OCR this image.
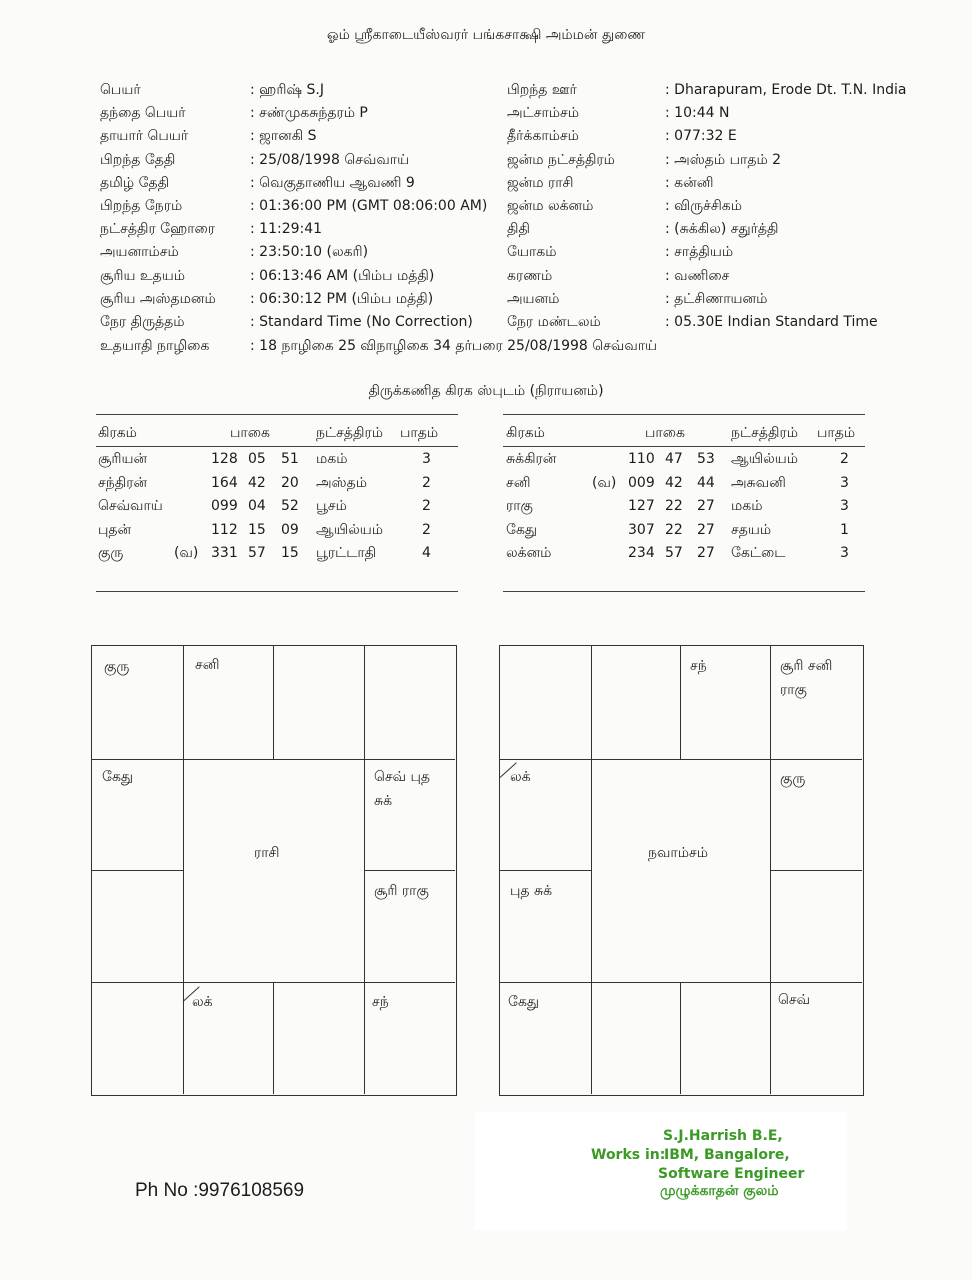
ஓம் ஸ்ரீகாடையீஸ்வரர் பங்கசாக்ஷி அம்மன் துணை
பெயர்	: ஹரிஷ் S.J
தந்தை பெயர்	: சண்முகசுந்தரம் P
தாயார் பெயர்	: ஜானகி S
பிறந்த தேதி	: 25/08/1998 செவ்வாய்
தமிழ் தேதி	: வெகுதாணிய ஆவணி 9
பிறந்த நேரம்	: 01:36:00 PM (GMT 08:06:00 AM)
நட்சத்திர ஹோரை : 11:29:41
அயனாம்சம்	: 23:50:10 (லகரி)
சூரிய உதயம்	: 06:13:46 AM (பிம்ப மத்தி)
சூரிய அஸ்தமனம் : 06:30:12 PM (பிம்ப மத்தி)
நேர திருத்தம்	: Standard Time (No Correction)
பிறந்த ஊர்	: Dharapuram, Erode Dt. T.N. India
அட்சாம்சம்	: 10:44 N
தீர்க்காம்சம்	: 077:32 E
ஜன்ம நட்சத்திரம்	: அஸ்தம் பாதம் 2
ஜன்ம ராசி	: கன்னி
ஜன்ம லக்னம்	: விருச்சிகம்
திதி	: (சுக்கில) சதுர்த்தி
யோகம்	: சாத்தியம்
கரணம்	: வணிசை
அயனம்	: தட்சிணாயனம்
நேர மண்டலம்	: 05.30E Indian Standard Time
உதயாதி நாழிகை	: 18 நாழிகை 25 விநாழிகை 34 தர்பரை 25/08/1998 செவ்வாய்
திருக்கணித கிரக ஸ்புடம் (நிராயனம்)
கிரகம்	பாகை	நட்சத்திரம் பாதம்
சூரியன்	128 05 51 மகம்	3
சந்திரன்	164 42 20 அஸ்தம்	2
செவ்வாய்	099 04 52 பூசம்	2
புதன்	112 15 09 ஆயில்யம்	2
குரு	(வ) 331 57 15 பூரட்டாதி	4
கிரகம்	பாகை	நட்சத்திரம் பாதம்
சுக்கிரன்	110 47 53 ஆயில்யம்	2
சனி	(வ) 009 42 44 அசுவனி	3
ராகு	127 22 27 மகம்	3
கேது	307 22 27 சதயம்	1
லக்னம்	234 57 27 கேட்டை	3
குரு	சனி
செவ் புத
சுக்
கேது
ராசி
சூரி ராகு
லக்	சந்
சந்	சூரி சனி
ராகு
லக்	குரு
நவாம்சம்
புத சுக்
கேது	செவ்
S.J.Harrish B.E,
Works in:
IBM, Bangalore,
Software Engineer
முழுக்காதன் குலம்
Ph No :9976108569
